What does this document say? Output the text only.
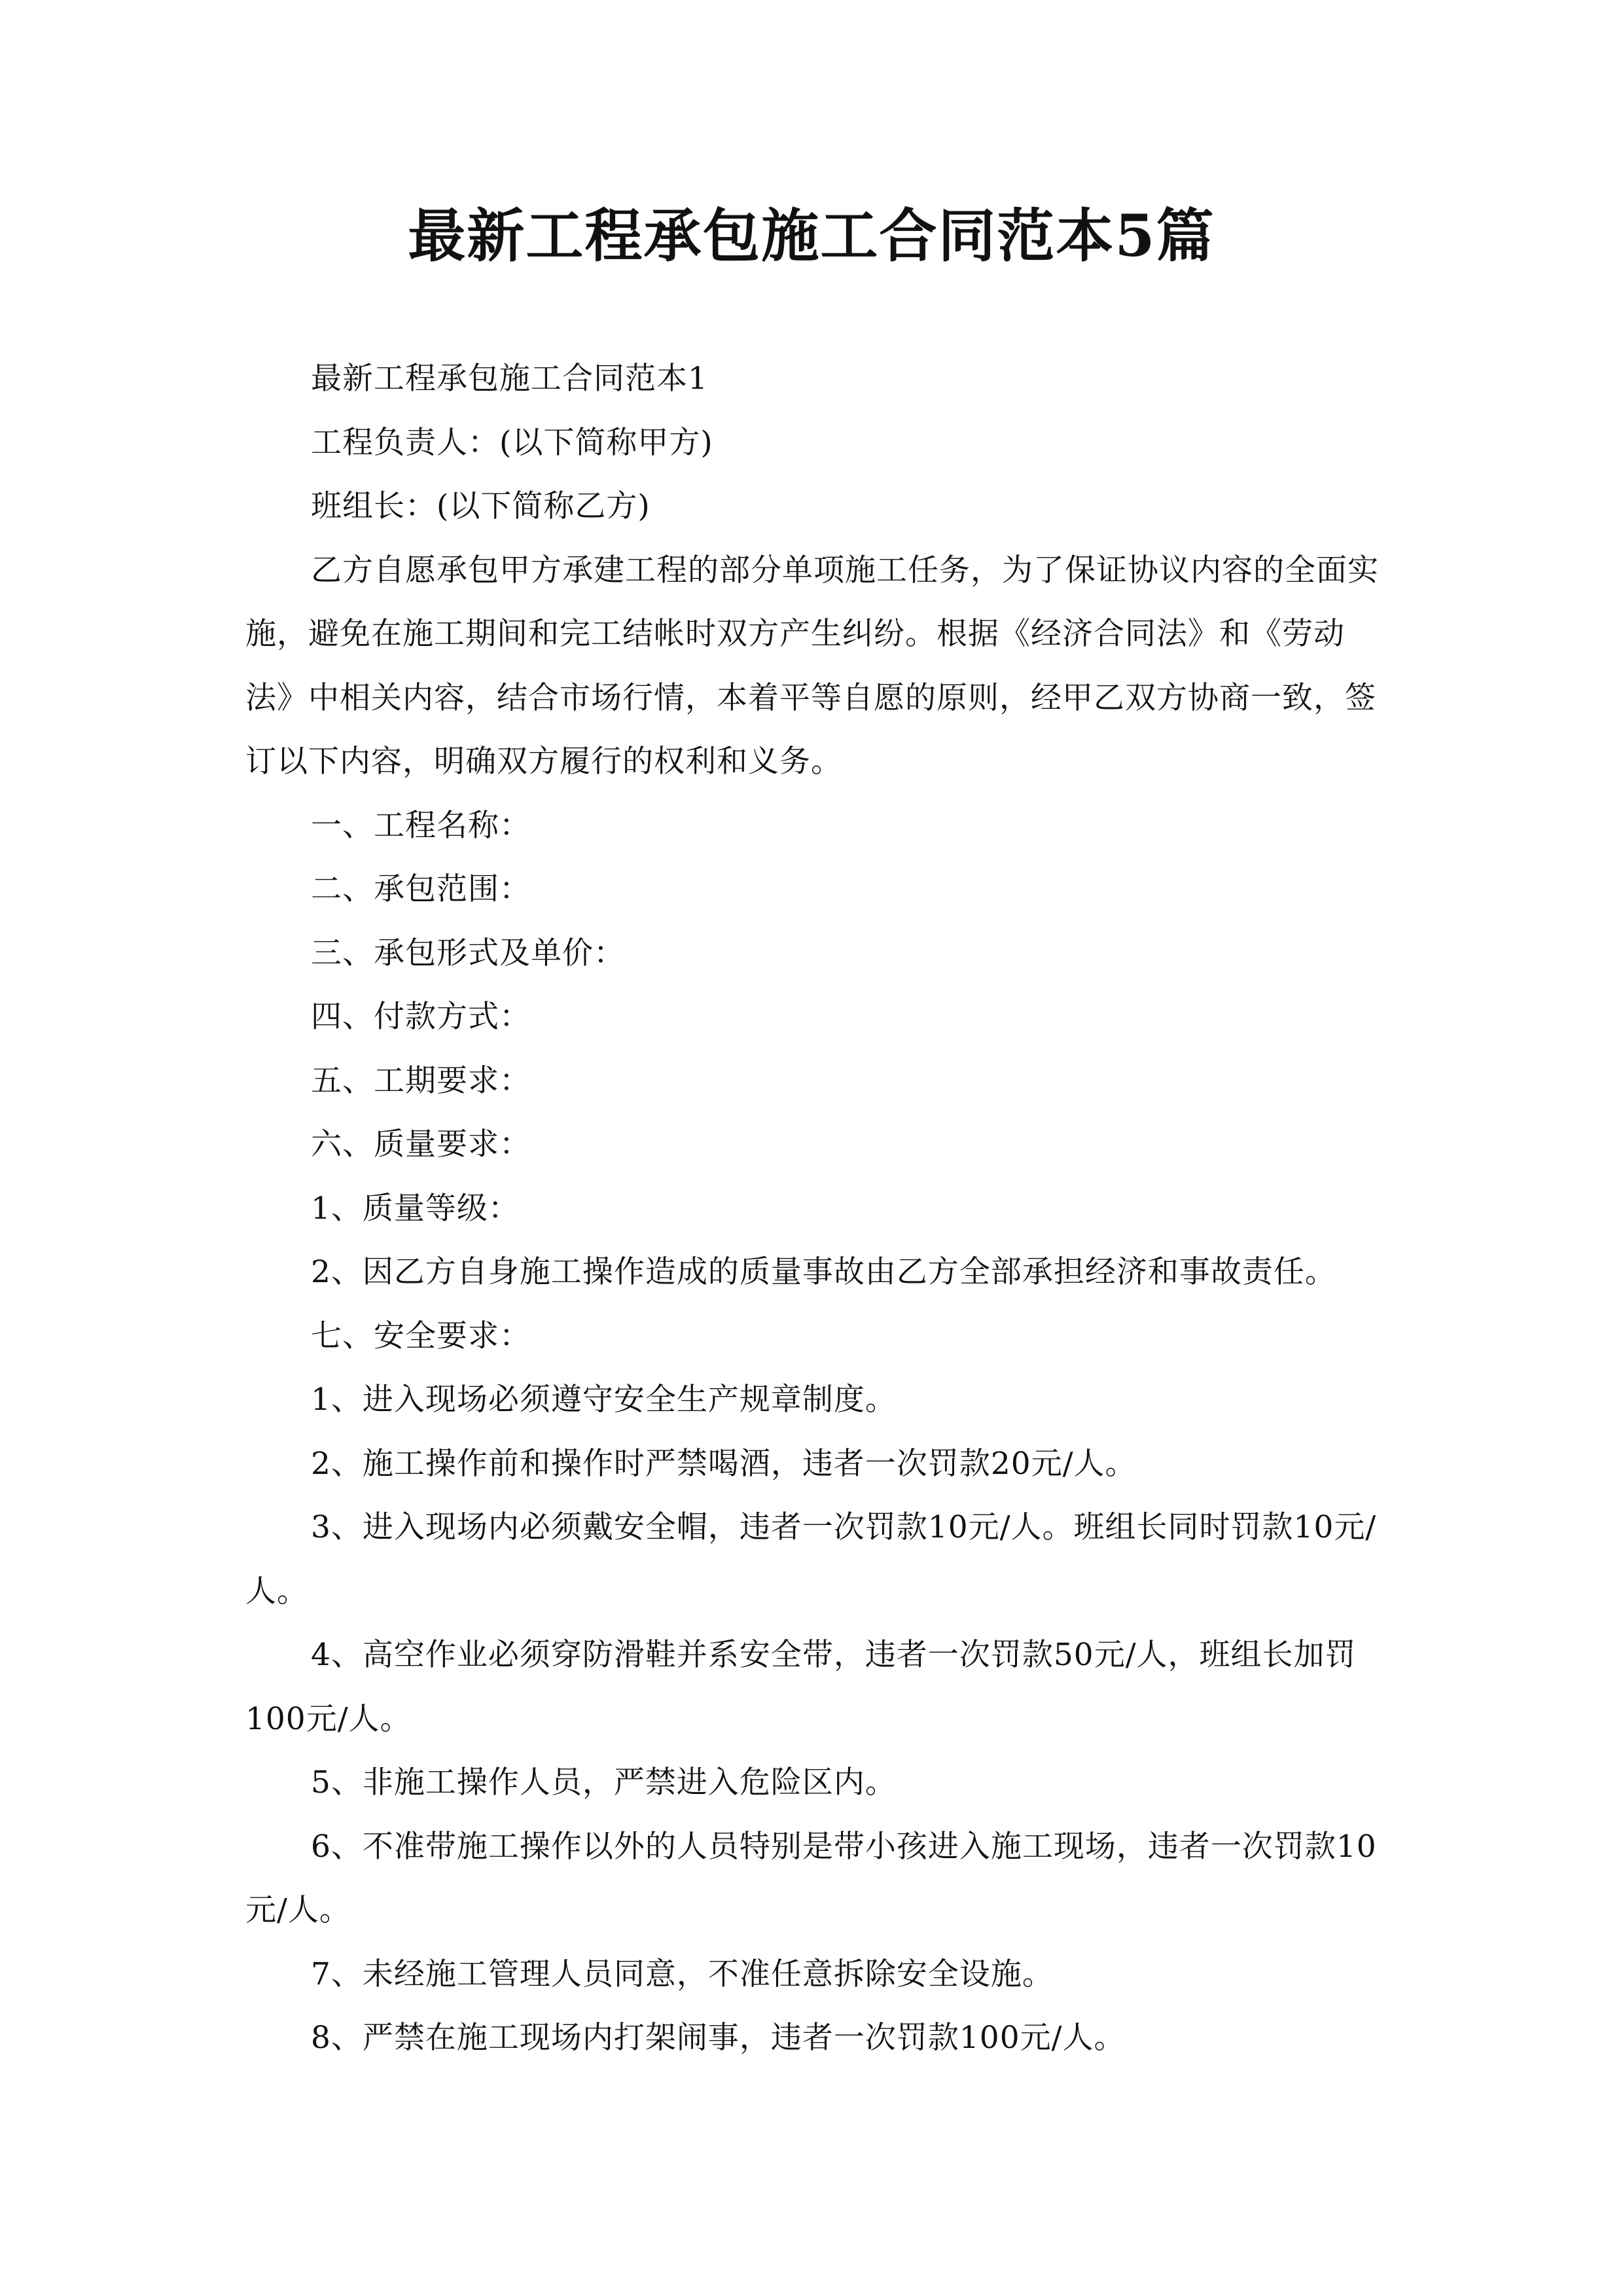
最新工程承包施工合同范本5篇

最新工程承包施工合同范本1

工程负责人：(以下简称甲方)

班组长：(以下简称乙方)

乙方自愿承包甲方承建工程的部分单项施工任务，为了保证协议内容的全面实施，避免在施工期间和完工结帐时双方产生纠纷。根据《经济合同法》和《劳动法》中相关内容，结合市场行情，本着平等自愿的原则，经甲乙双方协商一致，签订以下内容，明确双方履行的权利和义务。

一、工程名称：

二、承包范围：

三、承包形式及单价：

四、付款方式：

五、工期要求：

六、质量要求：

1、质量等级：

2、因乙方自身施工操作造成的质量事故由乙方全部承担经济和事故责任。

七、安全要求：

1、进入现场必须遵守安全生产规章制度。

2、施工操作前和操作时严禁喝酒，违者一次罚款20元/人。

3、进入现场内必须戴安全帽，违者一次罚款10元/人。班组长同时罚款10元/人。

4、高空作业必须穿防滑鞋并系安全带，违者一次罚款50元/人，班组长加罚100元/人。

5、非施工操作人员，严禁进入危险区内。

6、不准带施工操作以外的人员特别是带小孩进入施工现场，违者一次罚款10元/人。

7、未经施工管理人员同意，不准任意拆除安全设施。

8、严禁在施工现场内打架闹事，违者一次罚款100元/人。
